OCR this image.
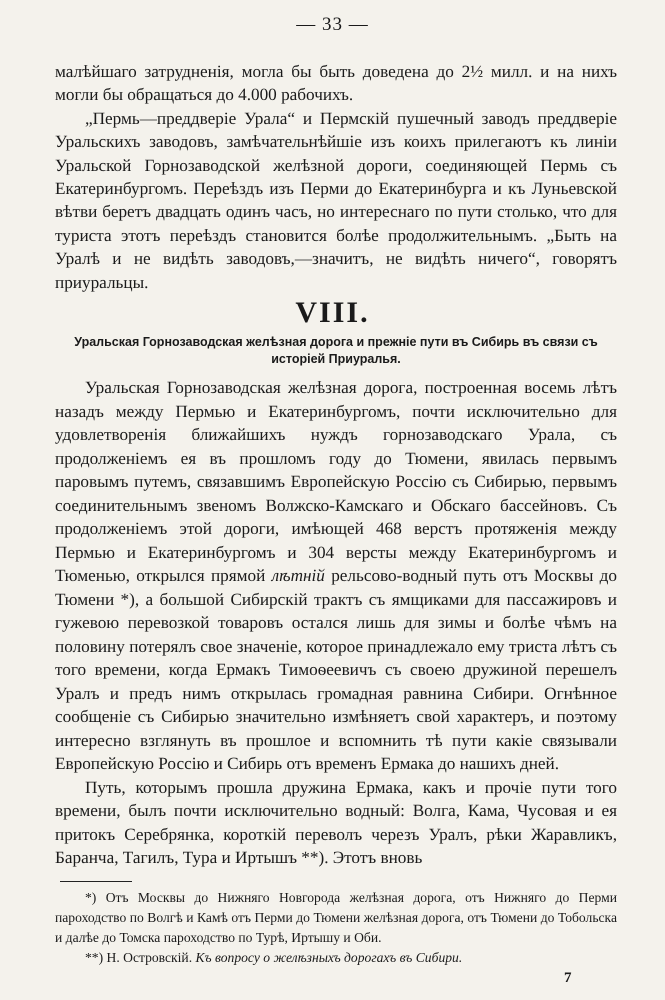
— 33 —

малѣйшаго затрудненія, могла бы быть доведена до 2½ милл. и на нихъ могли бы обращаться до 4.000 рабочихъ.

„Пермь—преддверіе Урала“ и Пермскій пушечный заводъ преддверіе Уральскихъ заводовъ, замѣчательнѣйшіе изъ коихъ прилегаютъ къ линіи Уральской Горнозаводской желѣзной дороги, соединяющей Пермь съ Екатеринбургомъ. Переѣздъ изъ Перми до Екатеринбурга и къ Луньевской вѣтви беретъ двадцать одинъ часъ, но интереснаго по пути столько, что для туриста этотъ переѣздъ становится болѣе продолжительнымъ. „Быть на Уралѣ и не видѣть заводовъ,—значитъ, не видѣть ничего“, говорятъ приуральцы.

VIII.
Уральская Горнозаводская желѣзная дорога и прежніе пути въ Сибирь въ связи съ исторіей Приуралья.

Уральская Горнозаводская желѣзная дорога, построенная восемь лѣтъ назадъ между Пермью и Екатеринбургомъ, почти исключительно для удовлетворенія ближайшихъ нуждъ горнозаводскаго Урала, съ продолженіемъ ея въ прошломъ году до Тюмени, явилась первымъ паровымъ путемъ, связавшимъ Европейскую Россію съ Сибирью, первымъ соединительнымъ звеномъ Волжско-Камскаго и Обскаго бассейновъ. Съ продолженіемъ этой дороги, имѣющей 468 верстъ протяженія между Пермью и Екатеринбургомъ и 304 версты между Екатеринбургомъ и Тюменью, открылся прямой лѣтній рельсово-водный путь отъ Москвы до Тюмени *), а большой Сибирскій трактъ съ ямщиками для пассажировъ и гужевою перевозкой товаровъ остался лишь для зимы и болѣе чѣмъ на половину потерялъ свое значеніе, которое принадлежало ему триста лѣтъ съ того времени, когда Ермакъ Тимоѳеевичъ съ своею дружиной перешелъ Уралъ и предъ нимъ открылась громадная равнина Сибири. Огнѣнное сообщеніе съ Сибирью значительно измѣняетъ свой характеръ, и поэтому интересно взглянуть въ прошлое и вспомнить тѣ пути какіе связывали Европейскую Россію и Сибирь отъ временъ Ермака до нашихъ дней.

Путь, которымъ прошла дружина Ермака, какъ и прочіе пути того времени, былъ почти исключительно водный: Волга, Кама, Чусовая и ея притокъ Серебрянка, короткій переволъ черезъ Уралъ, рѣки Жаравликъ, Баранча, Тагилъ, Тура и Иртышъ **). Этотъ вновь

*) Отъ Москвы до Нижняго Новгорода желѣзная дорога, отъ Нижняго до Перми пароходство по Волгѣ и Камѣ отъ Перми до Тюмени желѣзная дорога, отъ Тюмени до Тобольска и далѣе до Томска пароходство по Турѣ, Иртышу и Оби.

**) Н. Островскій. Къ вопросу о желѣзныхъ дорогахъ въ Сибири.

7
